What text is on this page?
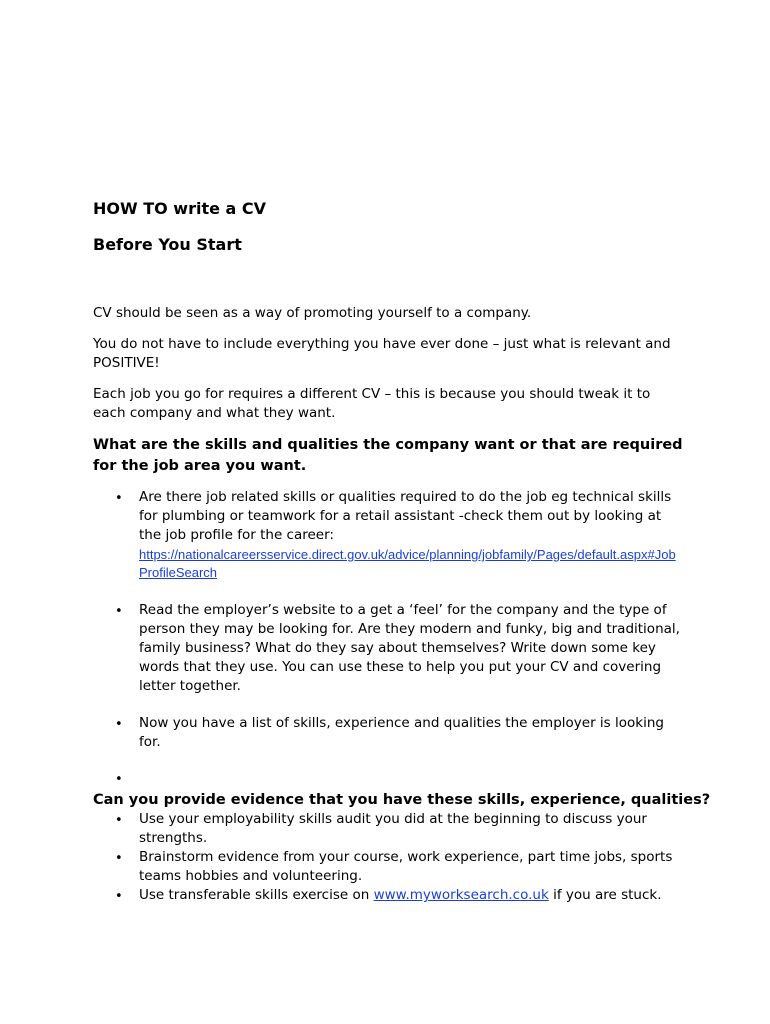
HOW TO write a CV
Before You Start
CV should be seen as a way of promoting yourself to a company.
You do not have to include everything you have ever done – just what is relevant and POSITIVE!
Each job you go for requires a different CV – this is because you should tweak it to each company and what they want.
What are the skills and qualities the company want or that are required for the job area you want.
• Are there job related skills or qualities required to do the job eg technical skills for plumbing or teamwork for a retail assistant -check them out by looking at the job profile for the career:
https://nationalcareersservice.direct.gov.uk/advice/planning/jobfamily/Pages/default.aspx#JobProfileSearch
• Read the employer’s website to a get a ‘feel’ for the company and the type of person they may be looking for. Are they modern and funky, big and traditional, family business? What do they say about themselves? Write down some key words that they use. You can use these to help you put your CV and covering letter together.
• Now you have a list of skills, experience and qualities the employer is looking for.
•
Can you provide evidence that you have these skills, experience, qualities?
• Use your employability skills audit you did at the beginning to discuss your strengths.
• Brainstorm evidence from your course, work experience, part time jobs, sports teams hobbies and volunteering.
• Use transferable skills exercise on www.myworksearch.co.uk if you are stuck.
